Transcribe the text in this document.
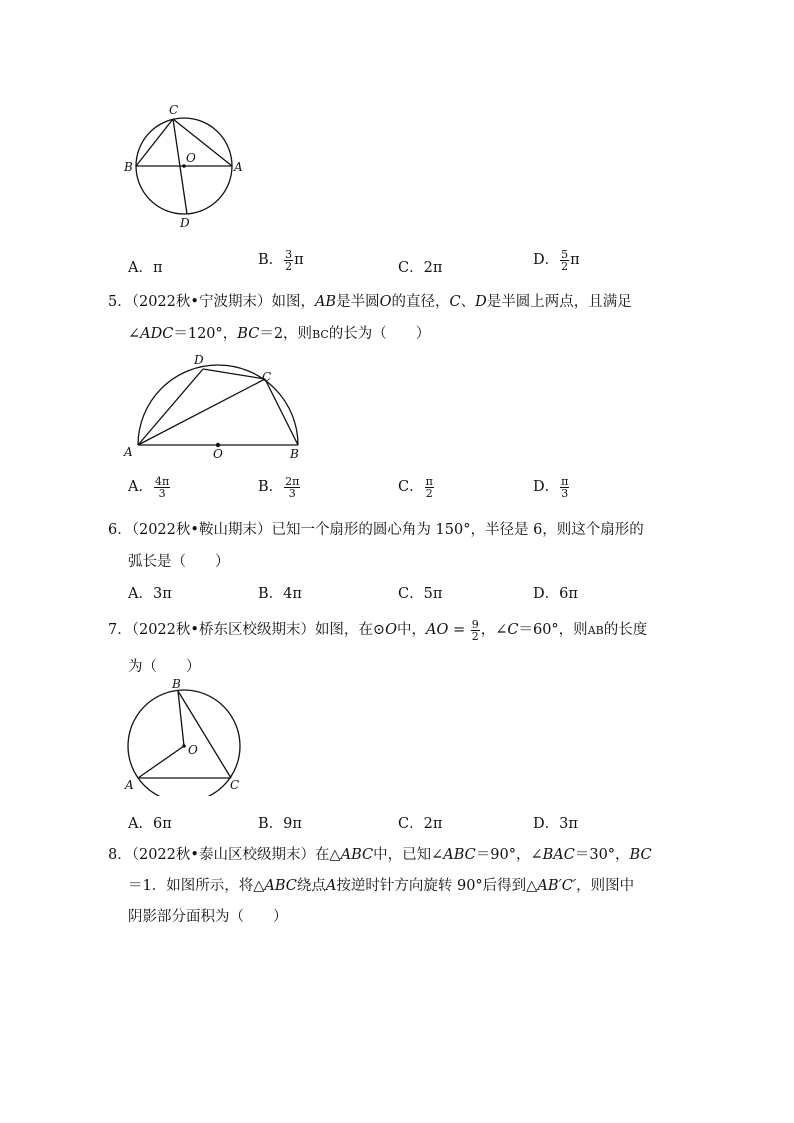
C
B
O
A
D
A．π	B． $\frac{3}{2}$ π	C．2π	D． $\frac{5}{2}$ π
5．（2022秋•宁波期末）如图，AB是半圆O的直径，C、D是半圆上两点，且满足
∠ADC＝120°，BC＝2，则BC的长为（　　）
D
C
A	O	B
A． $\frac{4\pi}{3}$	B． $\frac{2\pi}{3}$	C． $\frac{\pi}{2}$	D． $\frac{\pi}{3}$
6．（2022秋•鞍山期末）已知一个扇形的圆心角为 150°，半径是 6，则这个扇形的
弧长是（　　）
A．3π	B．4π	C．5π	D．6π
7．（2022秋•桥东区校级期末）如图，在⊙O中，AO = $\frac{9}{2}$ ，∠C＝60°，则AB的长度
为（　　）
B
O
A	C
A．6π	B．9π	C．2π	D．3π
8．（2022秋•泰山区校级期末）在△ABC中，已知∠ABC＝90°，∠BAC＝30°，BC
＝1．如图所示，将△ABC绕点A按逆时针方向旋转 90°后得到△AB′C′，则图中
阴影部分面积为（　　）
